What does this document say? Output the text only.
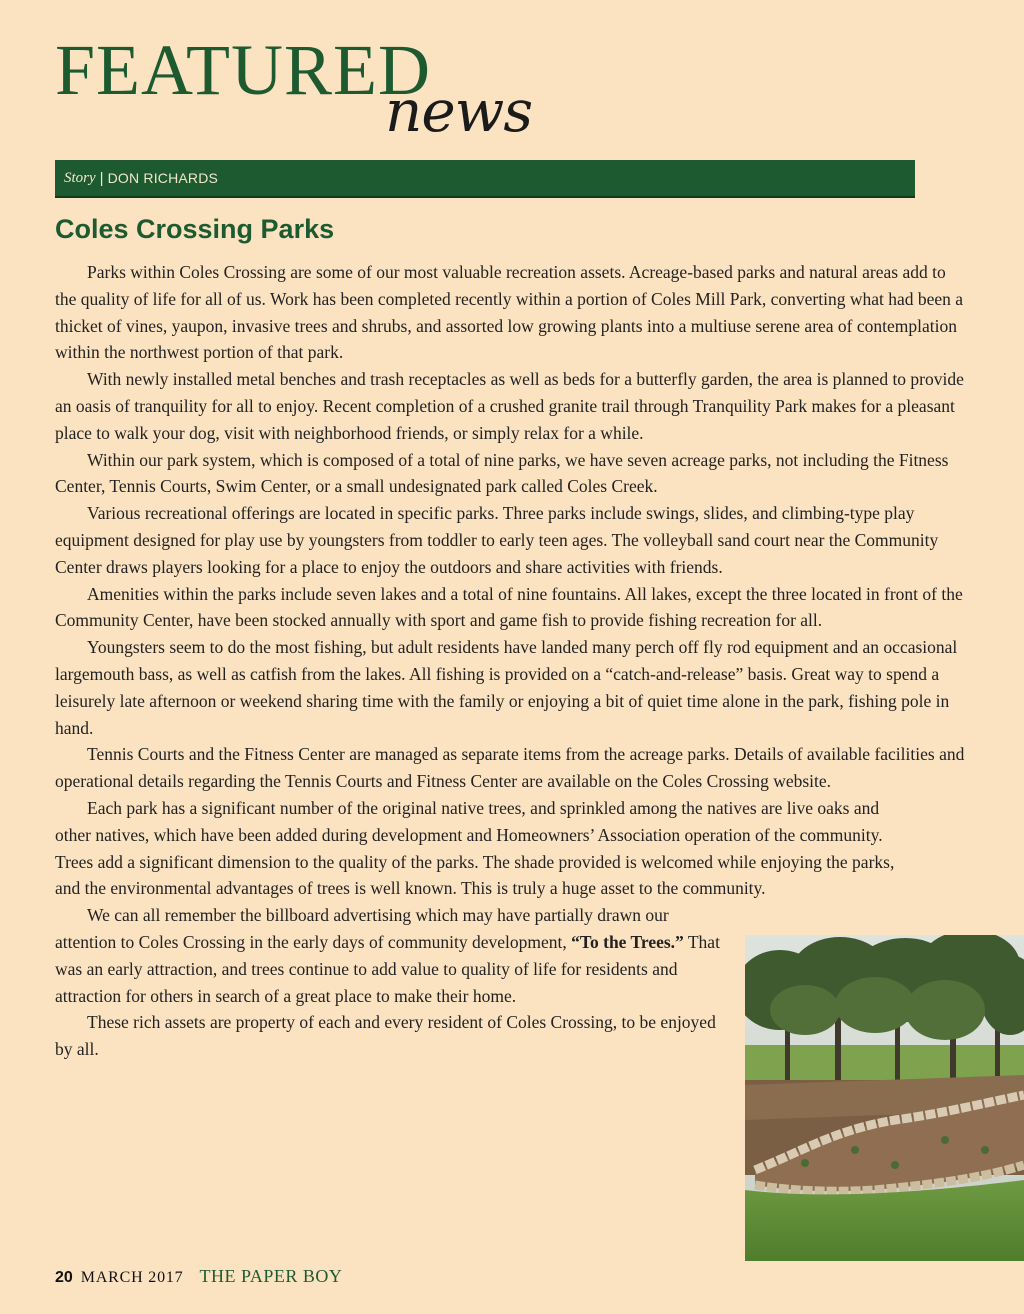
FEATURED
news
Story | DON RICHARDS
Coles Crossing Parks

Parks within Coles Crossing are some of our most valuable recreation assets. Acreage-based parks and natural areas add to the quality of life for all of us. Work has been completed recently within a portion of Coles Mill Park, converting what had been a thicket of vines, yaupon, invasive trees and shrubs, and assorted low growing plants into a multiuse serene area of contemplation within the northwest portion of that park.

With newly installed metal benches and trash receptacles as well as beds for a butterfly garden, the area is planned to provide an oasis of tranquility for all to enjoy. Recent completion of a crushed granite trail through Tranquility Park makes for a pleasant place to walk your dog, visit with neighborhood friends, or simply relax for a while.

Within our park system, which is composed of a total of nine parks, we have seven acreage parks, not including the Fitness Center, Tennis Courts, Swim Center, or a small undesignated park called Coles Creek.

Various recreational offerings are located in specific parks. Three parks include swings, slides, and climbing-type play equipment designed for play use by youngsters from toddler to early teen ages. The volleyball sand court near the Community Center draws players looking for a place to enjoy the outdoors and share activities with friends.

Amenities within the parks include seven lakes and a total of nine fountains. All lakes, except the three located in front of the Community Center, have been stocked annually with sport and game fish to provide fishing recreation for all.

Youngsters seem to do the most fishing, but adult residents have landed many perch off fly rod equipment and an occasional largemouth bass, as well as catfish from the lakes. All fishing is provided on a “catch-and-release” basis. Great way to spend a leisurely late afternoon or weekend sharing time with the family or enjoying a bit of quiet time alone in the park, fishing pole in hand.

Tennis Courts and the Fitness Center are managed as separate items from the acreage parks. Details of available facilities and operational details regarding the Tennis Courts and Fitness Center are available on the Coles Crossing website.

Each park has a significant number of the original native trees, and sprinkled among the natives are live oaks and other natives, which have been added during development and Homeowners’ Association operation of the community. Trees add a significant dimension to the quality of the parks. The shade provided is welcomed while enjoying the parks, and the environmental advantages of trees is well known. This is truly a huge asset to the community.

We can all remember the billboard advertising which may have partially drawn our attention to Coles Crossing in the early days of community development, “To the Trees.” That was an early attraction, and trees continue to add value to quality of life for residents and attraction for others in search of a great place to make their home.

These rich assets are property of each and every resident of Coles Crossing, to be enjoyed by all.

20 MARCH 2017 THE PAPER BOY
